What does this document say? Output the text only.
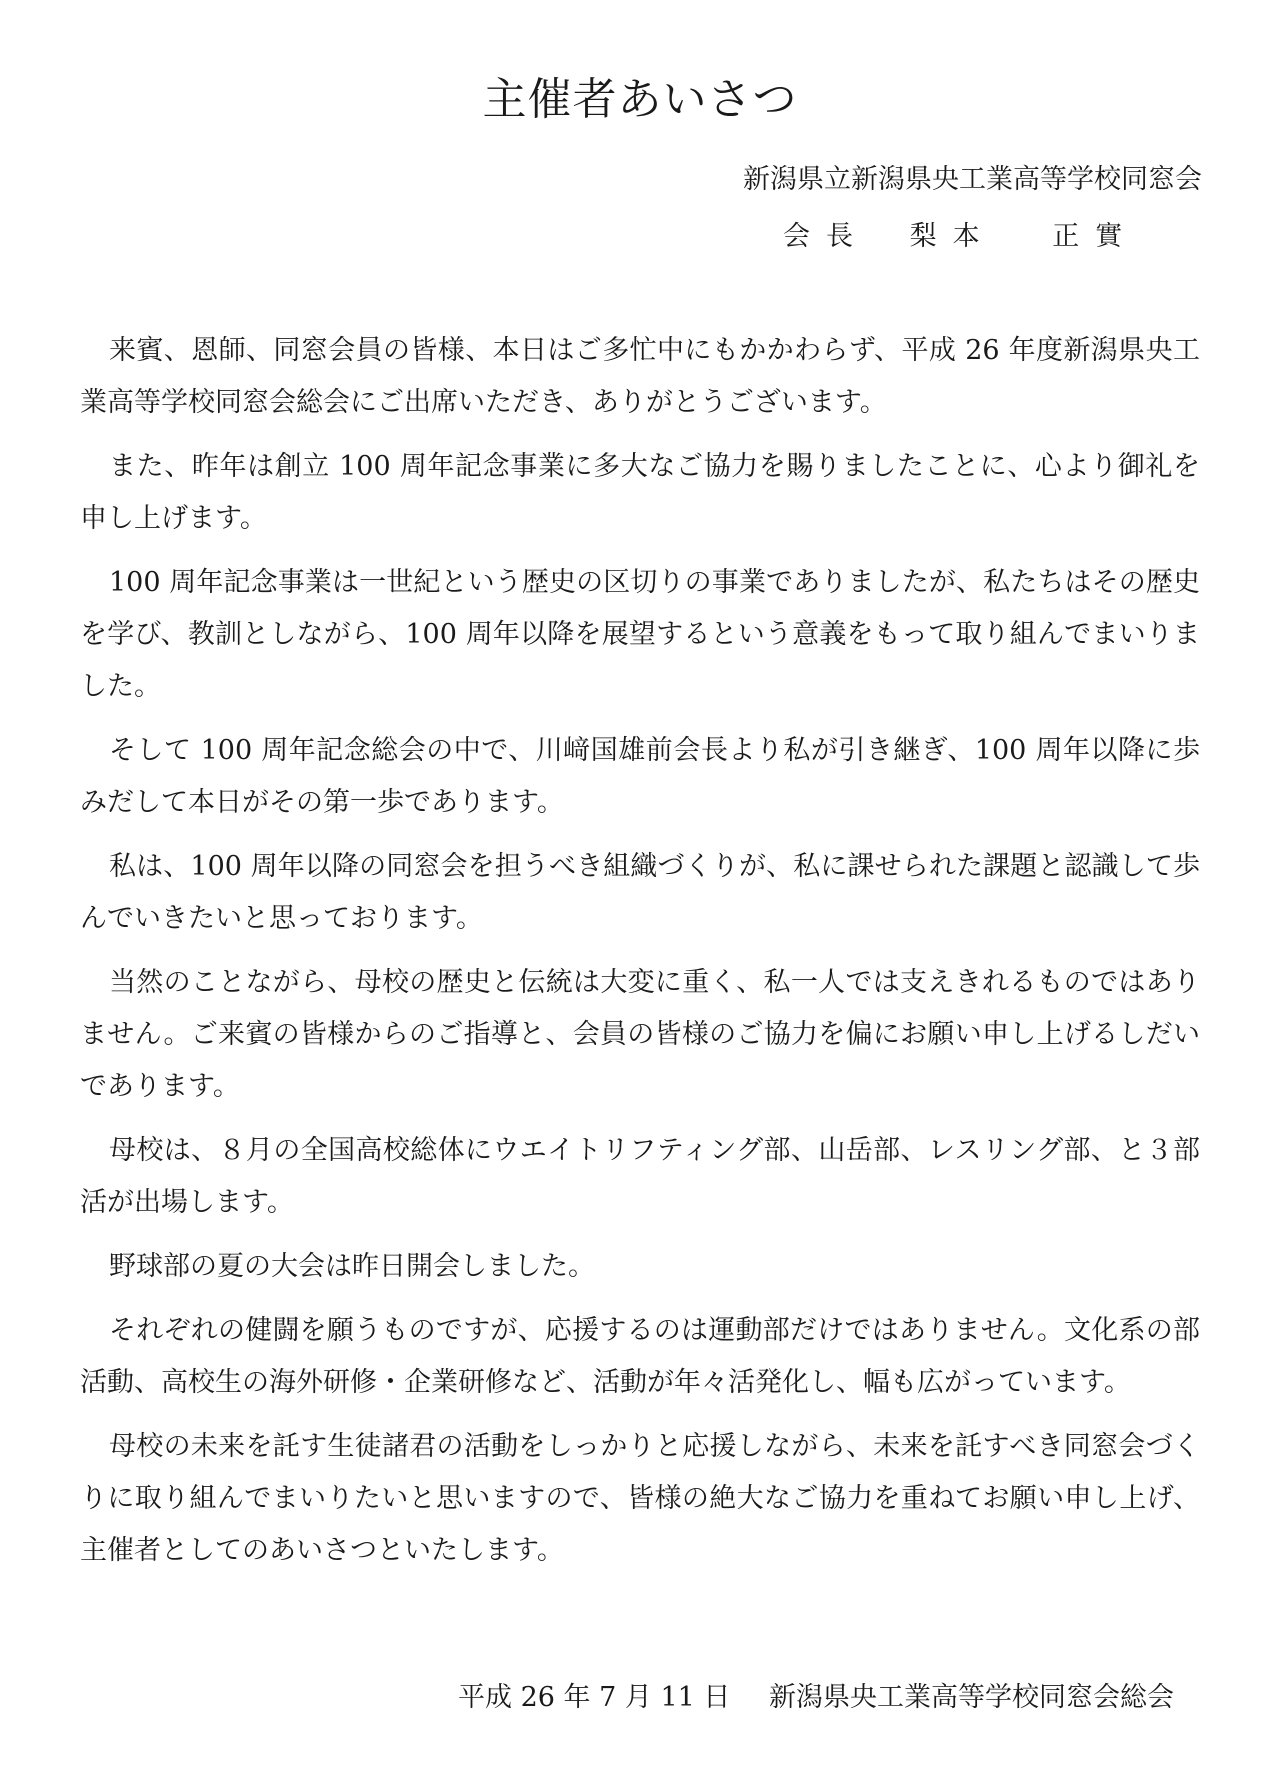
主催者あいさつ
新潟県立新潟県央工業高等学校同窓会
会長 梨本 正實

来賓、恩師、同窓会員の皆様、本日はご多忙中にもかかわらず、平成 26 年度新潟県央工業高等学校同窓会総会にご出席いただき、ありがとうございます。

また、昨年は創立 100 周年記念事業に多大なご協力を賜りましたことに、心より御礼を申し上げます。

100 周年記念事業は一世紀という歴史の区切りの事業でありましたが、私たちはその歴史を学び、教訓としながら、100 周年以降を展望するという意義をもって取り組んでまいりました。

そして 100 周年記念総会の中で、川﨑国雄前会長より私が引き継ぎ、100 周年以降に歩みだして本日がその第一歩であります。

私は、100 周年以降の同窓会を担うべき組織づくりが、私に課せられた課題と認識して歩んでいきたいと思っております。

当然のことながら、母校の歴史と伝統は大変に重く、私一人では支えきれるものではありません。ご来賓の皆様からのご指導と、会員の皆様のご協力を偏にお願い申し上げるしだいであります。

母校は、８月の全国高校総体にウエイトリフティング部、山岳部、レスリング部、と３部活が出場します。

野球部の夏の大会は昨日開会しました。

それぞれの健闘を願うものですが、応援するのは運動部だけではありません。文化系の部活動、高校生の海外研修・企業研修など、活動が年々活発化し、幅も広がっています。

母校の未来を託す生徒諸君の活動をしっかりと応援しながら、未来を託すべき同窓会づくりに取り組んでまいりたいと思いますので、皆様の絶大なご協力を重ねてお願い申し上げ、主催者としてのあいさつといたします。

平成 26 年 7 月 11 日 新潟県央工業高等学校同窓会総会
